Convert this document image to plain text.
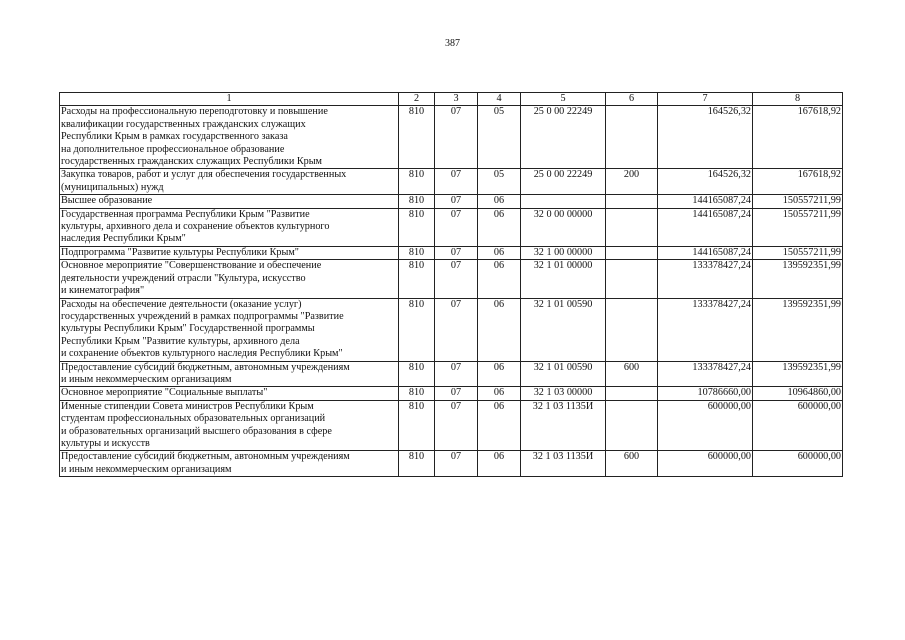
387
1	2	3	4	5	6	7	8
Расходы на профессиональную переподготовку и повышение
квалификации государственных гражданских служащих
Республики Крым в рамках государственного заказа
на дополнительное профессиональное образование
государственных гражданских служащих Республики Крым	810	07	05	25 0 00 22249		164526,32	167618,92
Закупка товаров, работ и услуг для обеспечения государственных
(муниципальных) нужд	810	07	05	25 0 00 22249	200	164526,32	167618,92
Высшее образование	810	07	06			144165087,24	150557211,99
Государственная программа Республики Крым "Развитие
культуры, архивного дела и сохранение объектов культурного
наследия Республики Крым"	810	07	06	32 0 00 00000		144165087,24	150557211,99
Подпрограмма "Развитие культуры Республики Крым"	810	07	06	32 1 00 00000		144165087,24	150557211,99
Основное мероприятие "Совершенствование и обеспечение
деятельности учреждений отрасли "Культура, искусство
и кинематография"	810	07	06	32 1 01 00000		133378427,24	139592351,99
Расходы на обеспечение деятельности (оказание услуг)
государственных учреждений в рамках подпрограммы "Развитие
культуры Республики Крым" Государственной программы
Республики Крым "Развитие культуры, архивного дела
и сохранение объектов культурного наследия Республики Крым"	810	07	06	32 1 01 00590		133378427,24	139592351,99
Предоставление субсидий бюджетным, автономным учреждениям
и иным некоммерческим организациям	810	07	06	32 1 01 00590	600	133378427,24	139592351,99
Основное мероприятие "Социальные выплаты"	810	07	06	32 1 03 00000		10786660,00	10964860,00
Именные стипендии Совета министров Республики Крым
студентам профессиональных образовательных организаций
и образовательных организаций высшего образования в сфере
культуры и искусств	810	07	06	32 1 03 1135И		600000,00	600000,00
Предоставление субсидий бюджетным, автономным учреждениям
и иным некоммерческим организациям	810	07	06	32 1 03 1135И	600	600000,00	600000,00
